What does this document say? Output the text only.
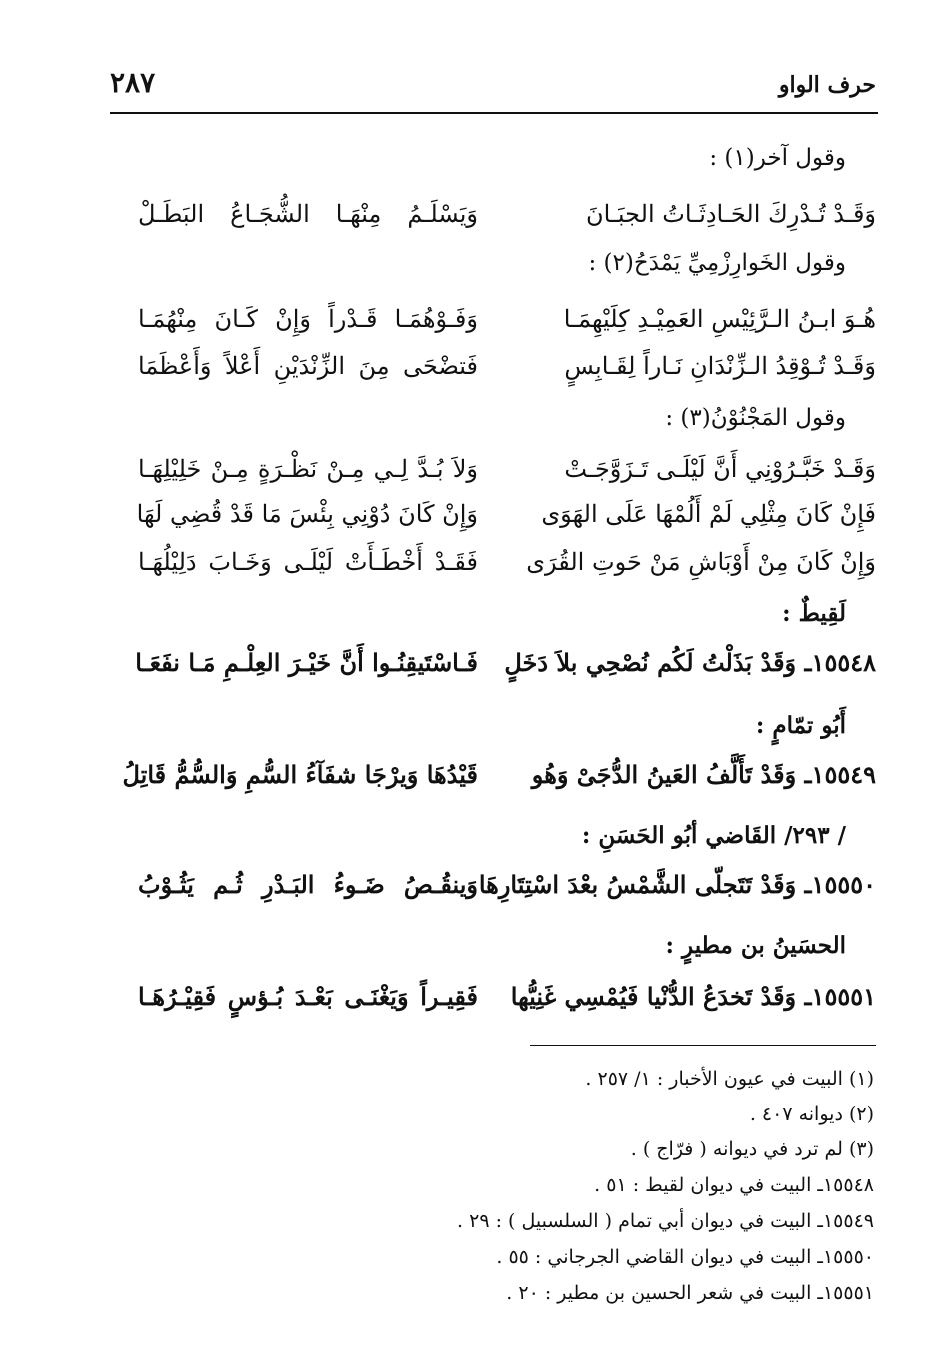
حرف الواو
٢٨٧
وقول آخر(١) :
وَقَـدْ تُـدْرِكَ الحَـادِثَـاتُ الجبَـانَ
وَيَسْلَـمُ مِنْهَـا الشُّجَـاعُ البَطَـلْ
وقول الخَوارِزْمِيِّ يَمْدَحُ(٢) :
هُـوَ ابـنُ الـرَّئِيْسِ العَمِيْـدِ كِلَيْهِمَـا
وَفَـوْهُمَـا قَـدْراً وَإِنْ كَـانَ مِنْهُمَـا
وَقَـدْ تُـوْقِدُ الـزِّنْدَانِ نَـاراً لِقَـابِسٍ
فَتضْحَى مِنَ الزِّنْدَيْنِ أَعْلاً وَأَعْظَمَا
وقول المَجْنُوْنُ(٣) :
وَقَـدْ خَبَّـرُوْنِي أَنَّ لَيْلَـى تَـزَوَّجَـتْ
وَلاَ بُـدَّ لِـي مِـنْ نَظْـرَةٍ مِـنْ خَلِيْلِهَـا
فَإِنْ كَانَ مِثْلِي لَمْ أَلُمْهَا عَلَى الهَوَى
وَإِنْ كَانَ دُوْنِي بِئْسَ مَا قَدْ قُضِي لَهَا
وَإِنْ كَانَ مِنْ أَوْبَاشِ مَنْ حَوتِ القُرَى
فَقَـدْ أَخْطَـأَتْ لَيْلَـى وَخَـابَ دَلِيْلُهَـا
لَقِيطٌ :
١٥٥٤٨ـ وَقَدْ بَذَلْتُ لَكُم نُصْحِي بلاَ دَخَلٍ
فَـاسْتَيقِنُـوا أَنَّ خَيْـرَ العِلْـمِ مَـا نفَعَـا
أَبُو تمّامٍ :
١٥٥٤٩ـ وَقَدْ تَأَلَّفُ العَينُ الدُّجَىْ وَهُو
قَيْدُهَا وَيرْجَا شفَآءُ السُّمِ وَالسُّمُّ قَاتِلُ
/ ٢٩٣/ القَاضي أبُو الحَسَنِ :
١٥٥٥٠ـ وَقَدْ تَتَجلّى الشَّمْسُ بعْدَ اسْتِتَارِهَا
وَينقُـصُ ضَـوءُ البَـدْرِ ثُـم يَثُـوْبُ
الحسَينُ بن مطيرٍ :
١٥٥٥١ـ وَقَدْ تَخدَعُ الدُّنْيا فَيُمْسِي غَنِيُّها
فَقِيـراً وَيَغْنَـى بَعْـدَ بُـؤسٍ فَقِيْـرُهَـا
(١) البيت في عيون الأخبار : ١/ ٢٥٧ .
(٢) ديوانه ٤٠٧ .
(٣) لم ترد في ديوانه ( فرّاج ) .
١٥٥٤٨ـ البيت في ديوان لقيط : ٥١ .
١٥٥٤٩ـ البيت في ديوان أبي تمام ( السلسبيل ) : ٢٩ .
١٥٥٥٠ـ البيت في ديوان القاضي الجرجاني : ٥٥ .
١٥٥٥١ـ البيت في شعر الحسين بن مطير : ٢٠ .
